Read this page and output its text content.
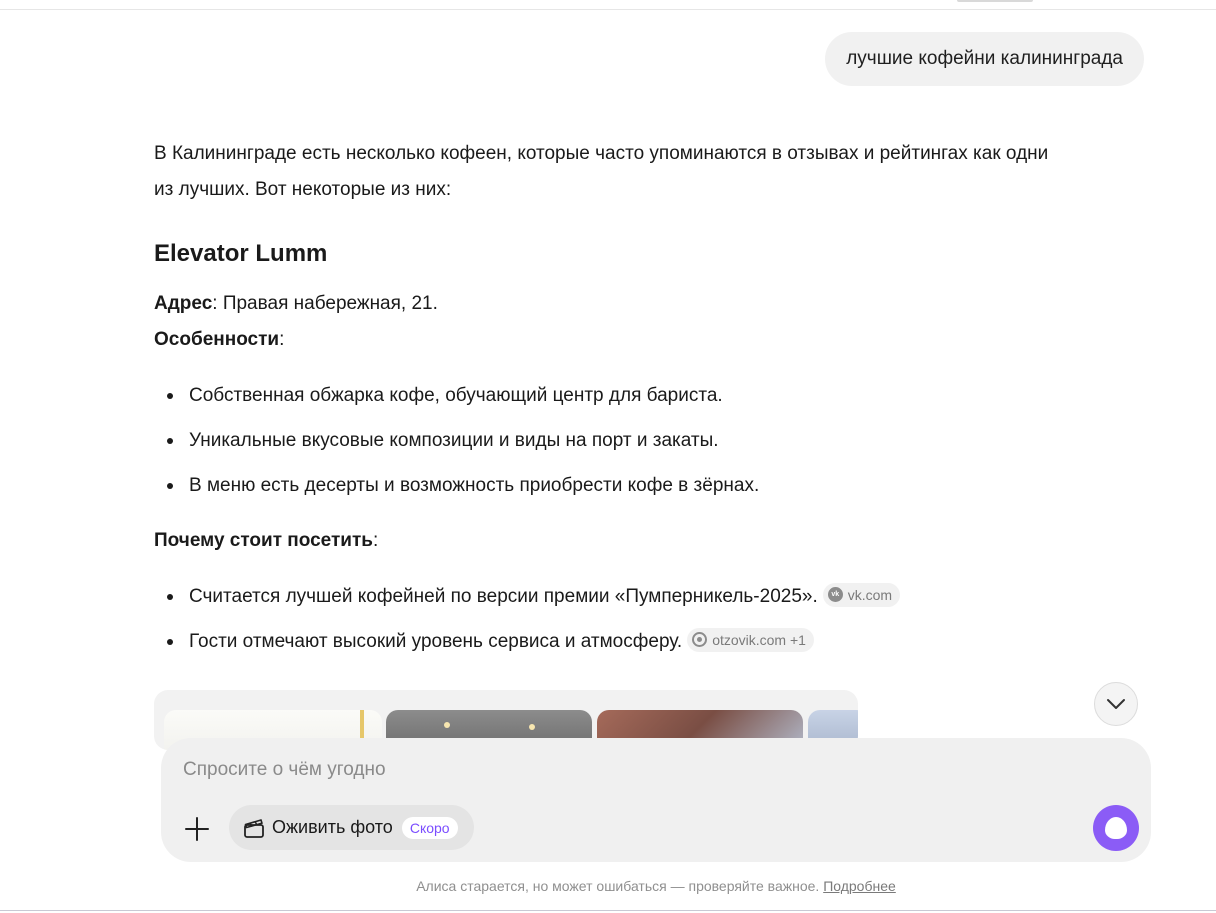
лучшие кофейни калининграда

В Калининграде есть несколько кофеен, которые часто упоминаются в отзывах и рейтингах как одни из лучших. Вот некоторые из них:

Elevator Lumm

Адрес: Правая набережная, 21.

Особенности:

Собственная обжарка кофе, обучающий центр для бариста.
Уникальные вкусовые композиции и виды на порт и закаты.
В меню есть десерты и возможность приобрести кофе в зёрнах.

Почему стоит посетить:

Считается лучшей кофейней по версии премии «Пумперникель-2025».	vk vk.com
Гости отмечают высокий уровень сервиса и атмосферу. otzovik.com +1
Спросите о чём угодно
Оживить фото	Скоро
Алиса старается, но может ошибаться — проверяйте важное. Подробнее
